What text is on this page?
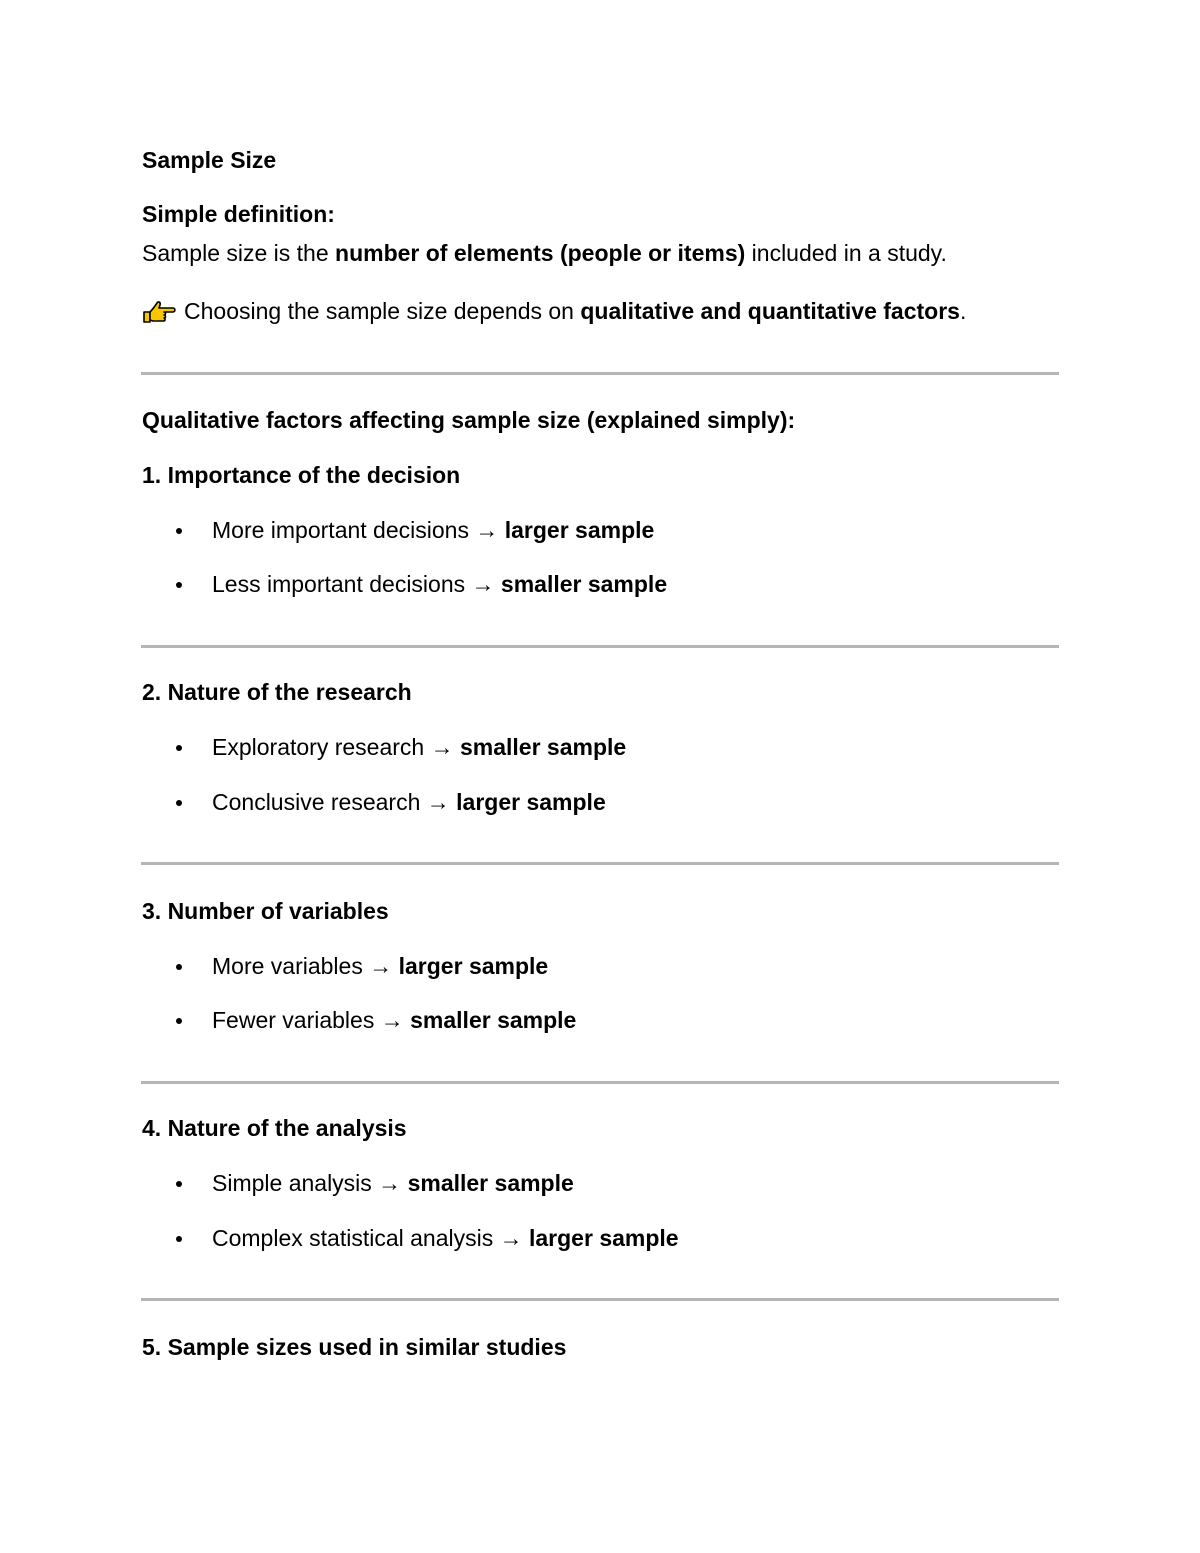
Sample Size
Simple definition:
Sample size is the number of elements (people or items) included in a study.
Choosing the sample size depends on qualitative and quantitative factors.
Qualitative factors affecting sample size (explained simply):
1. Importance of the decision
More important decisions → larger sample
Less important decisions → smaller sample
2. Nature of the research
Exploratory research → smaller sample
Conclusive research → larger sample
3. Number of variables
More variables → larger sample
Fewer variables → smaller sample
4. Nature of the analysis
Simple analysis → smaller sample
Complex statistical analysis → larger sample
5. Sample sizes used in similar studies
